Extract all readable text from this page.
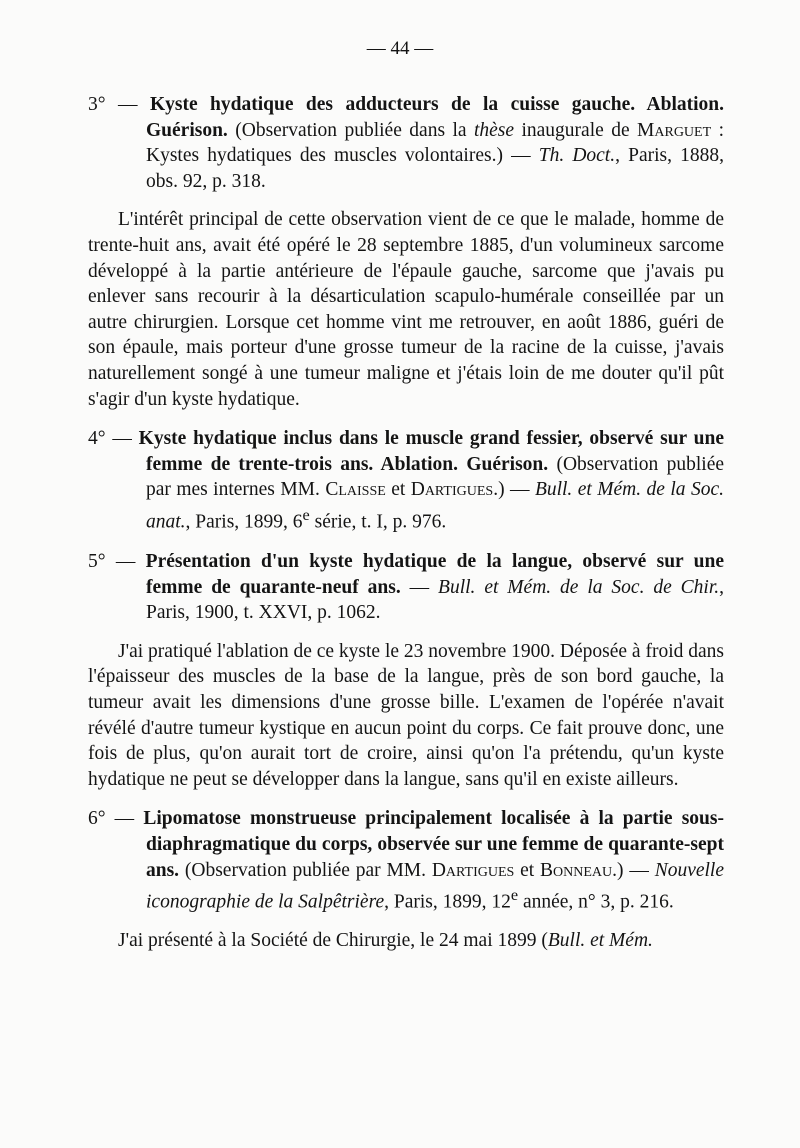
— 44 —

3° — Kyste hydatique des adducteurs de la cuisse gauche. Ablation. Guérison. (Observation publiée dans la thèse inaugurale de Marguet : Kystes hydatiques des muscles volontaires.) — Th. Doct., Paris, 1888, obs. 92, p. 318.

L'intérêt principal de cette observation vient de ce que le malade, homme de trente-huit ans, avait été opéré le 28 septembre 1885, d'un volumineux sarcome développé à la partie antérieure de l'épaule gauche, sarcome que j'avais pu enlever sans recourir à la désarticulation scapulo-humérale conseillée par un autre chirurgien. Lorsque cet homme vint me retrouver, en août 1886, guéri de son épaule, mais porteur d'une grosse tumeur de la racine de la cuisse, j'avais naturellement songé à une tumeur maligne et j'étais loin de me douter qu'il pût s'agir d'un kyste hydatique.

4° — Kyste hydatique inclus dans le muscle grand fessier, observé sur une femme de trente-trois ans. Ablation. Guérison. (Observation publiée par mes internes MM. Claisse et Dartigues.) — Bull. et Mém. de la Soc. anat., Paris, 1899, 6e série, t. I, p. 976.

5° — Présentation d'un kyste hydatique de la langue, observé sur une femme de quarante-neuf ans. — Bull. et Mém. de la Soc. de Chir., Paris, 1900, t. XXVI, p. 1062.

J'ai pratiqué l'ablation de ce kyste le 23 novembre 1900. Déposée à froid dans l'épaisseur des muscles de la base de la langue, près de son bord gauche, la tumeur avait les dimensions d'une grosse bille. L'examen de l'opérée n'avait révélé d'autre tumeur kystique en aucun point du corps. Ce fait prouve donc, une fois de plus, qu'on aurait tort de croire, ainsi qu'on l'a prétendu, qu'un kyste hydatique ne peut se développer dans la langue, sans qu'il en existe ailleurs.

6° — Lipomatose monstrueuse principalement localisée à la partie sous-diaphragmatique du corps, observée sur une femme de quarante-sept ans. (Observation publiée par MM. Dartigues et Bonneau.) — Nouvelle iconographie de la Salpêtrière, Paris, 1899, 12e année, n° 3, p. 216.

J'ai présenté à la Société de Chirurgie, le 24 mai 1899 (Bull. et Mém.
